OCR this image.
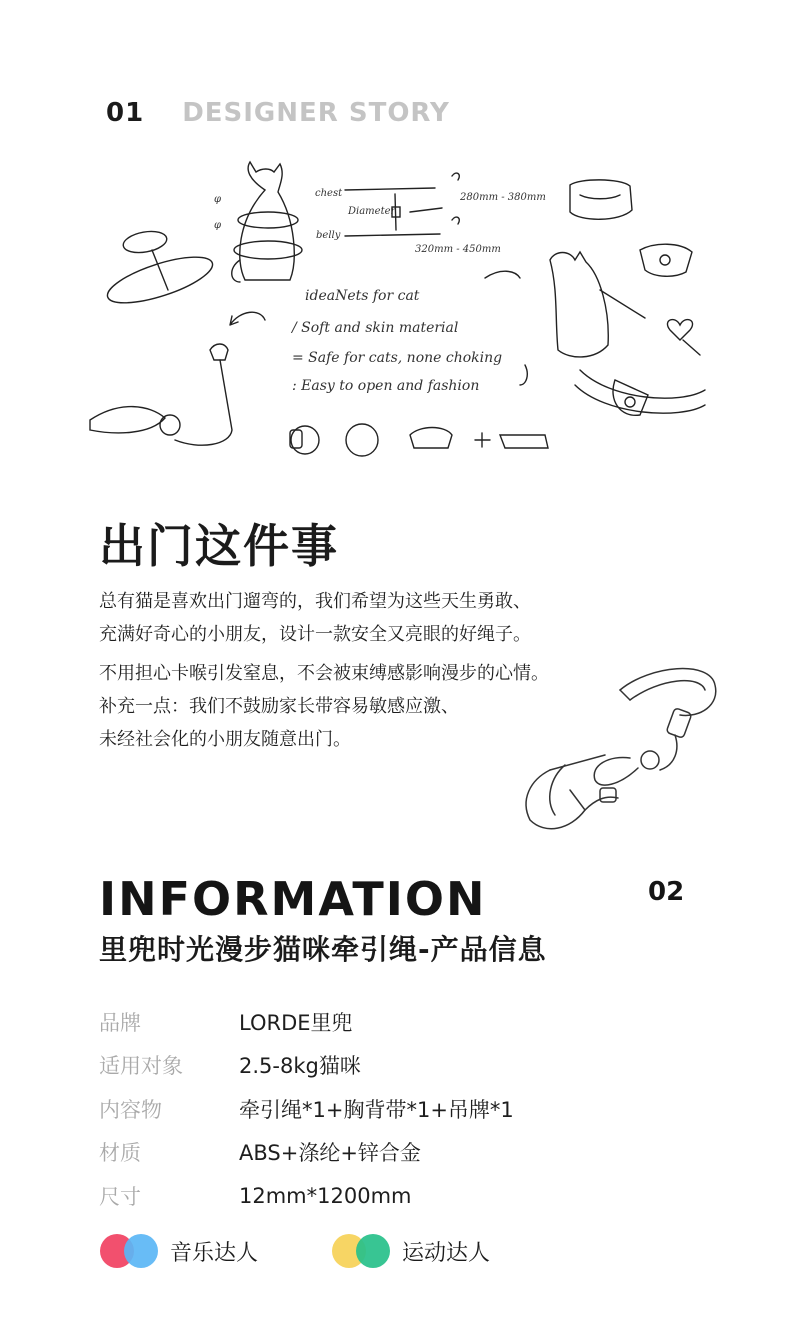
01 DESIGNER STORY
φ
φ
chest
Diameter
belly
280mm - 380mm
320mm - 450mm
ideaNets for cat
/ Soft and skin material
= Safe for cats, none choking
: Easy to open and fashion
出门这件事
总有猫是喜欢出门遛弯的，我们希望为这些天生勇敢、
充满好奇心的小朋友，设计一款安全又亮眼的好绳子。
不用担心卡喉引发窒息，不会被束缚感影响漫步的心情。
补充一点：我们不鼓励家长带容易敏感应激、
未经社会化的小朋友随意出门。
INFORMATION	02
里兜时光漫步猫咪牵引绳-产品信息
品牌	LORDE里兜
适用对象	2.5-8kg猫咪
内容物	牵引绳*1+胸背带*1+吊牌*1
材质	ABS+涤纶+锌合金
尺寸	12mm*1200mm
音乐达人	运动达人
